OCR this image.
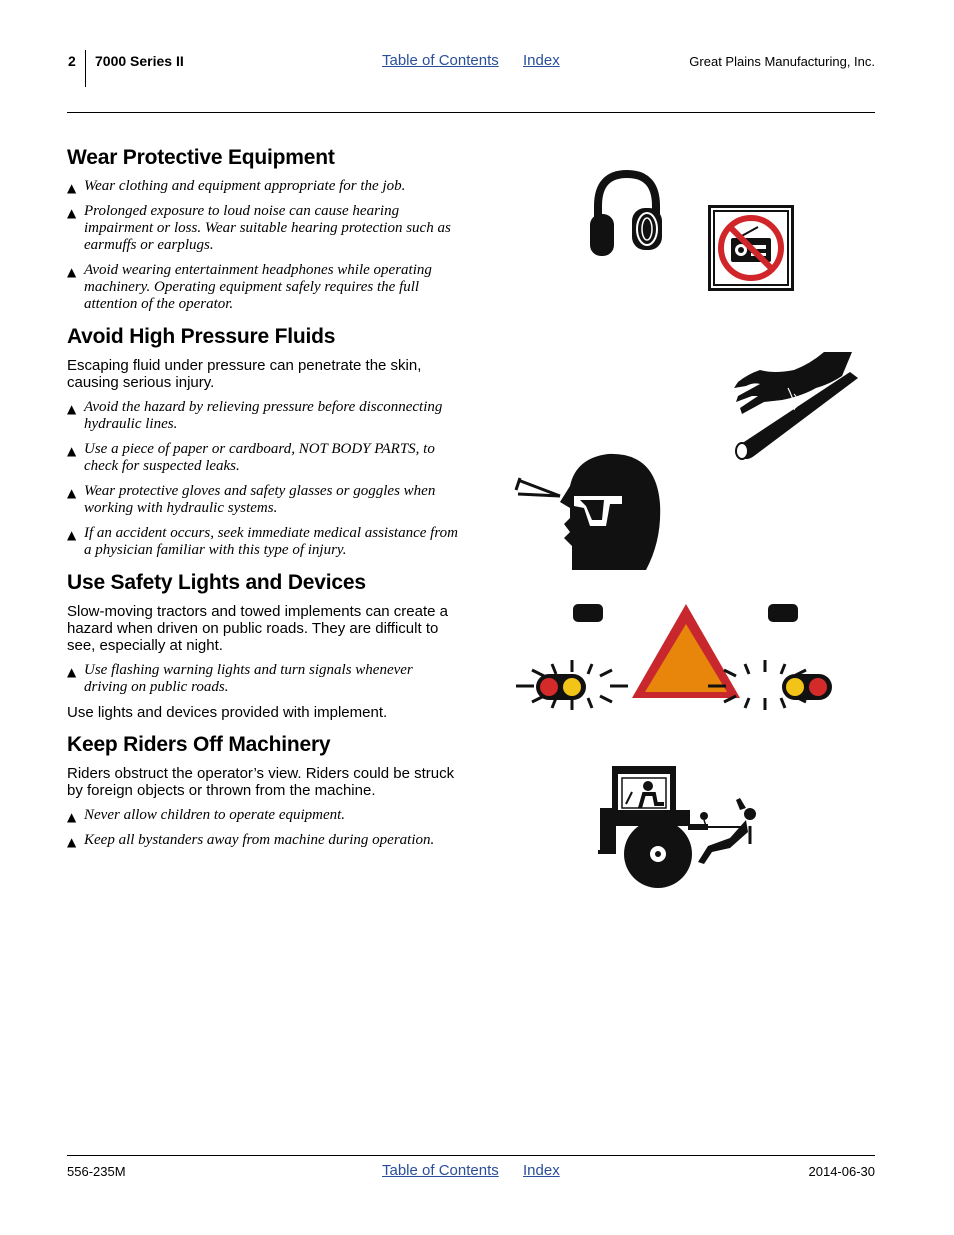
2 7000 Series II	Table of Contents Index	Great Plains Manufacturing, Inc.
Wear Protective Equipment
▲ Wear clothing and equipment appropriate for the job.
▲ Prolonged exposure to loud noise can cause hearing impairment or loss. Wear suitable hearing protection such as earmuffs or earplugs.
▲ Avoid wearing entertainment headphones while operating machinery. Operating equipment safely requires the full attention of the operator.
Avoid High Pressure Fluids

Escaping fluid under pressure can penetrate the skin, causing serious injury.

▲ Avoid the hazard by relieving pressure before disconnecting hydraulic lines.
▲ Use a piece of paper or cardboard, NOT BODY PARTS, to check for suspected leaks.
▲ Wear protective gloves and safety glasses or goggles when working with hydraulic systems.
▲ If an accident occurs, seek immediate medical assistance from a physician familiar with this type of injury.
Use Safety Lights and Devices

Slow-moving tractors and towed implements can create a hazard when driven on public roads. They are difficult to see, especially at night.

▲ Use flashing warning lights and turn signals whenever driving on public roads.

Use lights and devices provided with implement.

Keep Riders Off Machinery

Riders obstruct the operator’s view. Riders could be struck by foreign objects or thrown from the machine.

▲ Never allow children to operate equipment.
▲ Keep all bystanders away from machine during operation.
556-235M	Table of Contents Index	2014-06-30
